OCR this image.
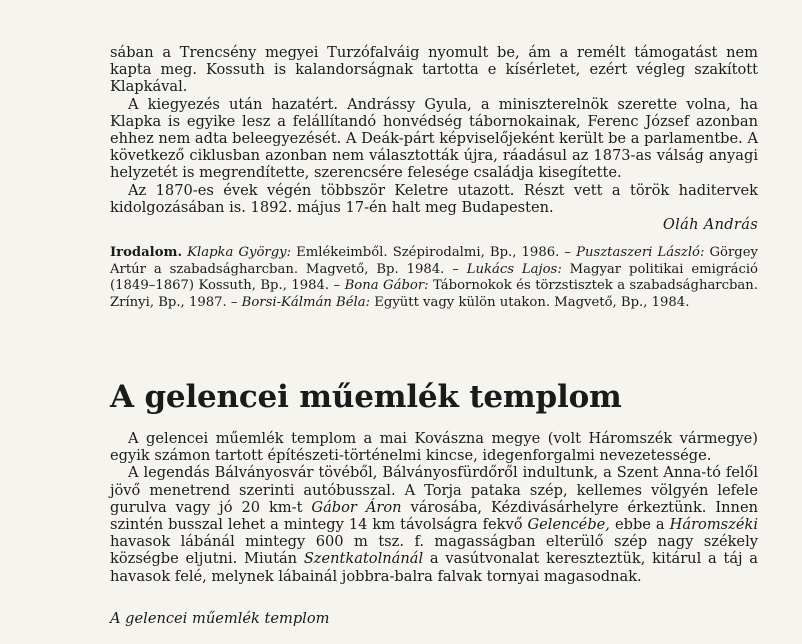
sában a Trencsény megyei Turzófalváig nyomult be, ám a remélt támogatást nem kapta meg. Kossuth is kalandorságnak tartotta e kísérletet, ezért végleg szakított Klapkával.

A kiegyezés után hazatért. Andrássy Gyula, a miniszterelnök szerette volna, ha Klapka is egyike lesz a felállítandó honvédség tábornokainak, Ferenc József azonban ehhez nem adta beleegyezését. A Deák-párt képviselőjeként került be a parlamentbe. A következő ciklusban azonban nem választották újra, ráadásul az 1873-as válság anyagi helyzetét is megrendítette, szerencsére felesége családja kisegítette.

Az 1870-es évek végén többször Keletre utazott. Részt vett a török haditervek kidolgozásában is. 1892. május 17-én halt meg Budapesten.

Oláh András

Irodalom. Klapka György: Emlékeimből. Szépirodalmi, Bp., 1986. – Pusztaszeri László: Görgey Artúr a szabadságharcban. Magvető, Bp. 1984. – Lukács Lajos: Magyar politikai emigráció (1849–1867) Kossuth, Bp., 1984. – Bona Gábor: Tábornokok és törzstisztek a szabadságharcban. Zrínyi, Bp., 1987. – Borsi-Kálmán Béla: Együtt vagy külön utakon. Magvető, Bp., 1984.
A gelencei műemlék templom

A gelencei műemlék templom a mai Kovászna megye (volt Háromszék vármegye) egyik számon tartott építészeti-történelmi kincse, idegenforgalmi nevezetessége.

A legendás Bálványosvár tövéből, Bálványosfürdőről indultunk, a Szent Anna-tó felől jövő menetrend szerinti autóbusszal. A Torja pataka szép, kellemes völgyén lefele gurulva vagy jó 20 km-t Gábor Áron városába, Kézdivásárhelyre érkeztünk. Innen szintén busszal lehet a mintegy 14 km távolságra fekvő Gelencébe, ebbe a Háromszéki havasok lábánál mintegy 600 m tsz. f. magasságban elterülő szép nagy székely községbe eljutni. Miután Szentkatolnánál a vasútvonalat kereszteztük, kitárul a táj a havasok felé, melynek lábainál jobbra-balra falvak tornyai magasodnak.

A gelencei műemlék templom
